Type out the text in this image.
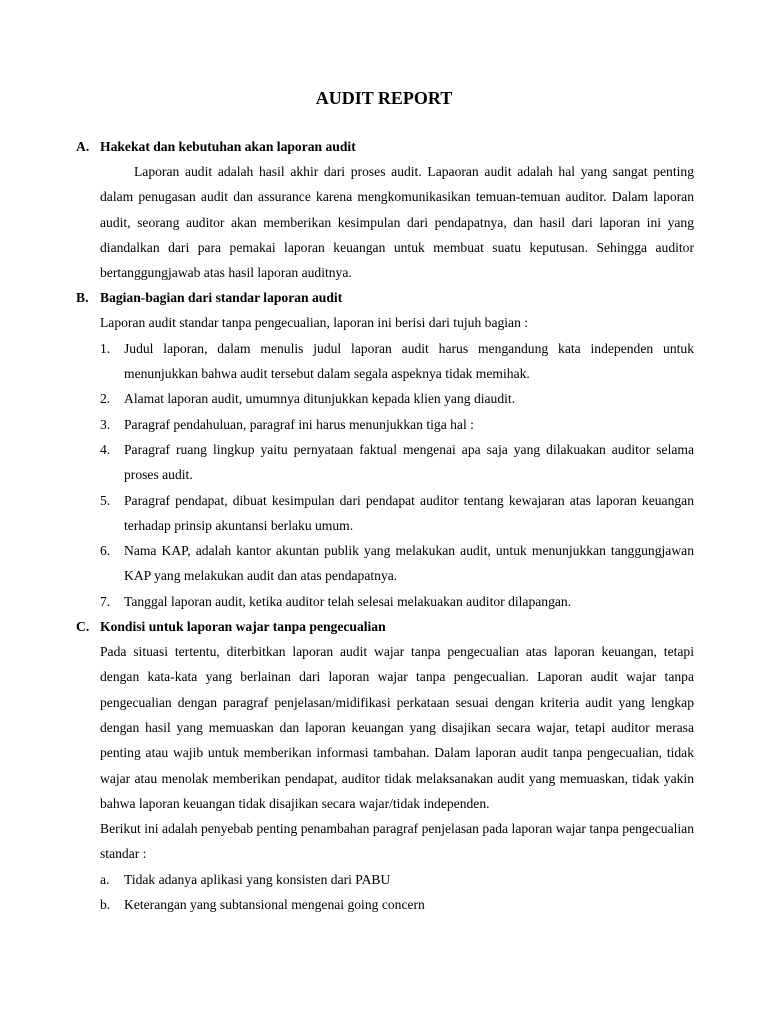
AUDIT REPORT
A. Hakekat dan kebutuhan akan laporan audit
Laporan audit adalah hasil akhir dari proses audit. Lapaoran audit adalah hal yang sangat penting dalam penugasan audit dan assurance karena mengkomunikasikan temuan-temuan auditor. Dalam laporan audit, seorang auditor akan memberikan kesimpulan dari pendapatnya, dan hasil dari laporan ini yang diandalkan dari para pemakai laporan keuangan untuk membuat suatu keputusan. Sehingga auditor bertanggungjawab atas hasil laporan auditnya.
B. Bagian-bagian dari standar laporan audit
Laporan audit standar tanpa pengecualian, laporan ini berisi dari tujuh bagian :
1.	Judul laporan, dalam menulis judul laporan audit harus mengandung kata independen untuk menunjukkan bahwa audit tersebut dalam segala aspeknya tidak memihak.
2.	Alamat laporan audit, umumnya ditunjukkan kepada klien yang diaudit.
3.	Paragraf pendahuluan, paragraf ini harus menunjukkan tiga hal :
4.	Paragraf ruang lingkup yaitu pernyataan faktual mengenai apa saja yang dilakuakan auditor selama proses audit.
5.	Paragraf pendapat, dibuat kesimpulan dari pendapat auditor tentang kewajaran atas laporan keuangan terhadap prinsip akuntansi berlaku umum.
6.	Nama KAP, adalah kantor akuntan publik yang melakukan audit, untuk menunjukkan tanggungjawan KAP yang melakukan audit dan atas pendapatnya.
7.	Tanggal laporan audit, ketika auditor telah selesai melakuakan auditor dilapangan.
C. Kondisi untuk laporan wajar tanpa pengecualian
Pada situasi tertentu, diterbitkan laporan audit wajar tanpa pengecualian atas laporan keuangan, tetapi dengan kata-kata yang berlainan dari laporan wajar tanpa pengecualian. Laporan audit wajar tanpa pengecualian dengan paragraf penjelasan/midifikasi perkataan sesuai dengan kriteria audit yang lengkap dengan hasil yang memuaskan dan laporan keuangan yang disajikan secara wajar, tetapi auditor merasa penting atau wajib untuk memberikan informasi tambahan. Dalam laporan audit tanpa pengecualian, tidak wajar atau menolak memberikan pendapat, auditor tidak melaksanakan audit yang memuaskan, tidak yakin bahwa laporan keuangan tidak disajikan secara wajar/tidak independen.
Berikut ini adalah penyebab penting penambahan paragraf penjelasan pada laporan wajar tanpa pengecualian standar :
a.	Tidak adanya aplikasi yang konsisten dari PABU
b.	Keterangan yang subtansional mengenai going concern
